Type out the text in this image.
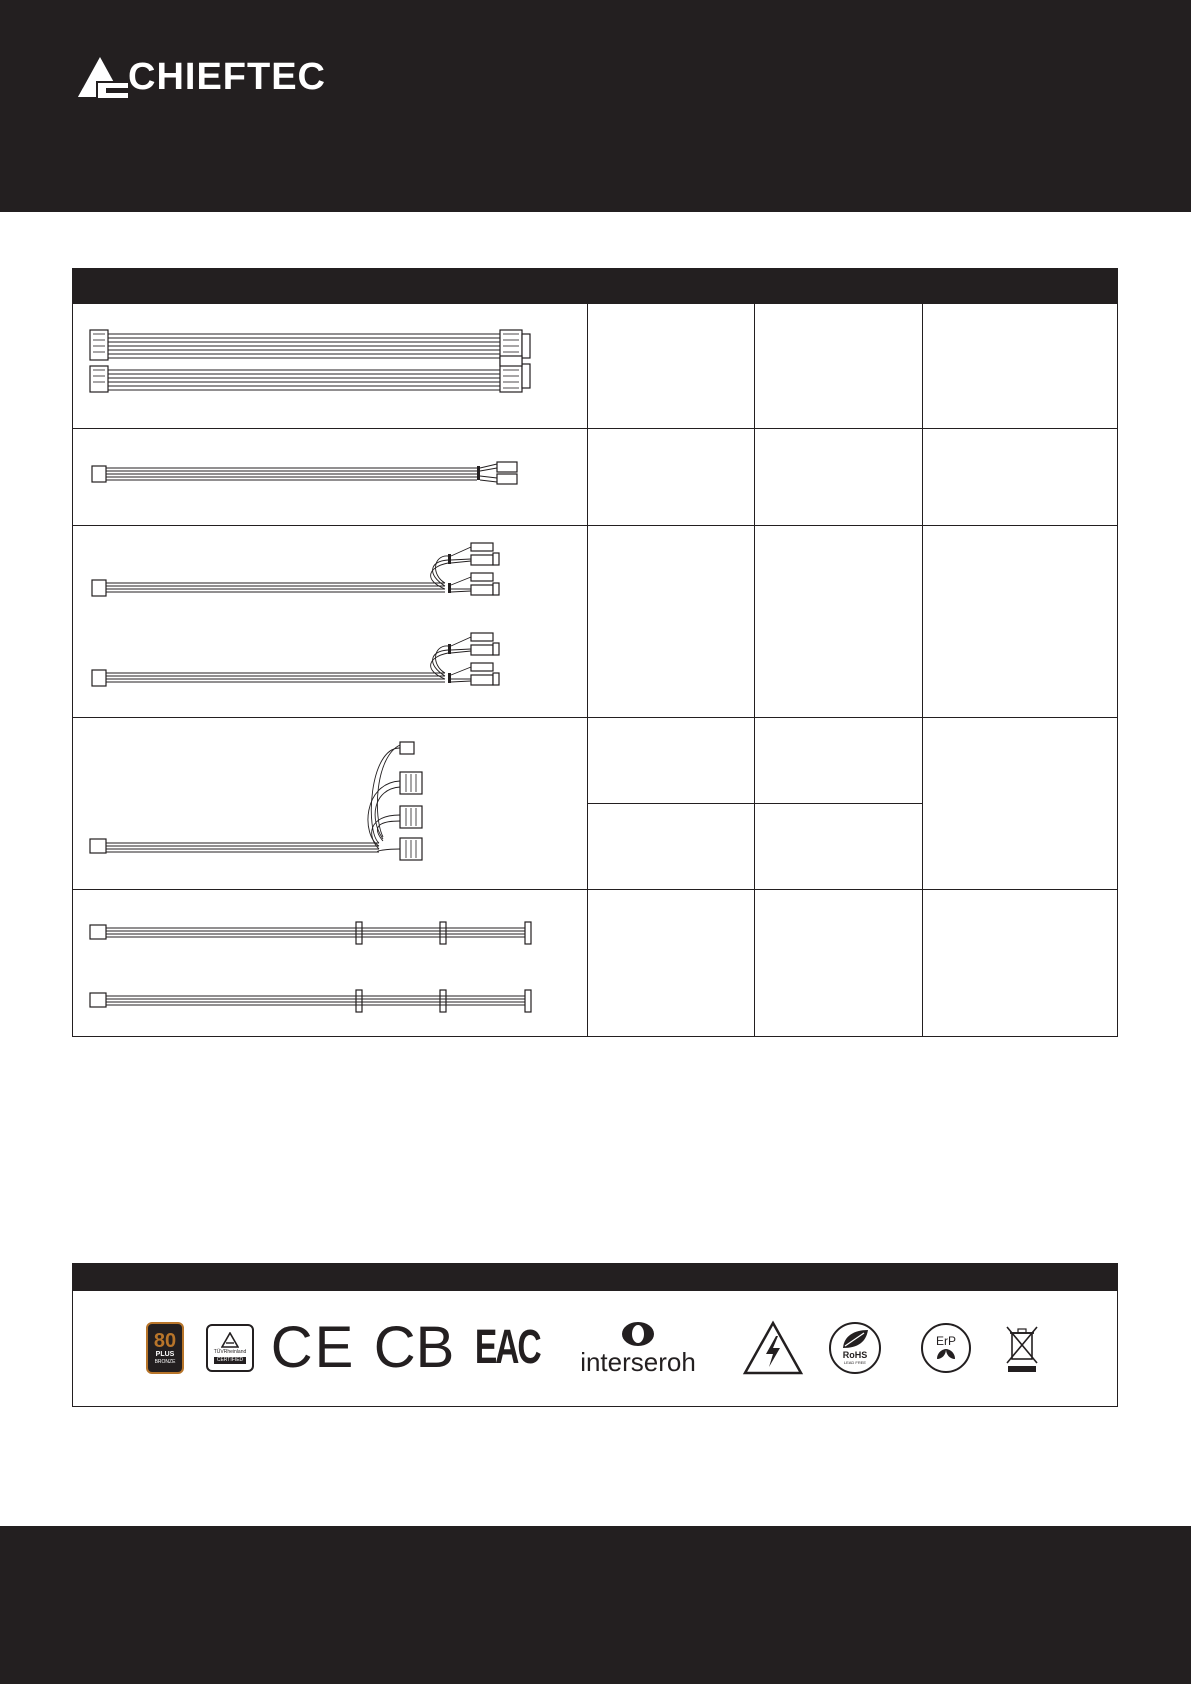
CHIEFTEC
80
PLUS
BRONZE
TÜVRheinland
CERTIFIED CE CB EAC interseroh	RoHS
LEAD FREE
ErP
